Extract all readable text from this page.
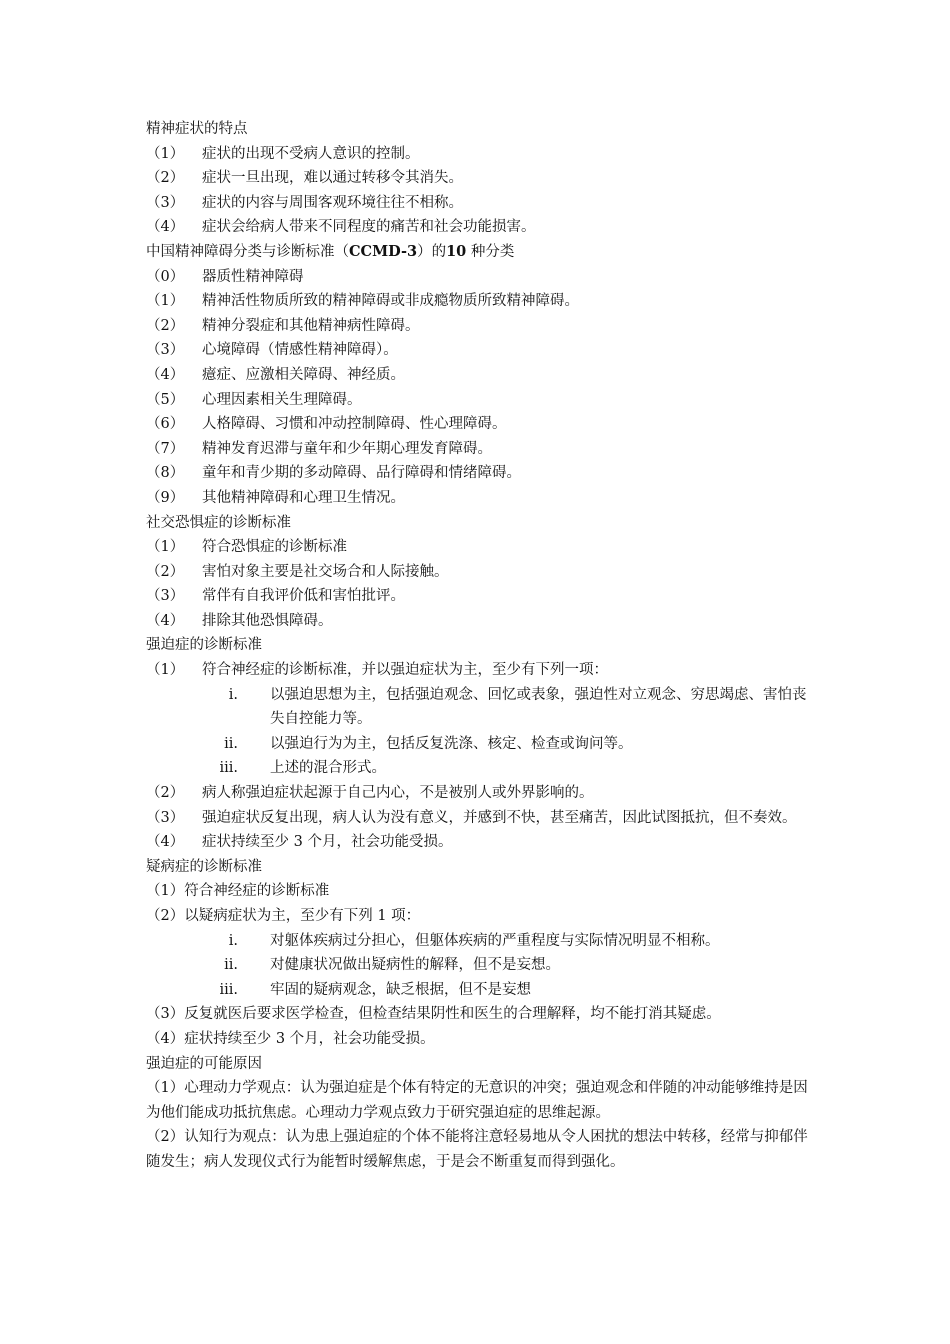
精神症状的特点
（1）	症状的出现不受病人意识的控制。
（2）	症状一旦出现，难以通过转移令其消失。
（3）	症状的内容与周围客观环境往往不相称。
（4）	症状会给病人带来不同程度的痛苦和社会功能损害。
中国精神障碍分类与诊断标准（CCMD-3）的10 种分类
（0）	器质性精神障碍
（1）	精神活性物质所致的精神障碍或非成瘾物质所致精神障碍。
（2）	精神分裂症和其他精神病性障碍。
（3）	心境障碍（情感性精神障碍）。
（4）	癔症、应激相关障碍、神经质。
（5）	心理因素相关生理障碍。
（6）	人格障碍、习惯和冲动控制障碍、性心理障碍。
（7）	精神发育迟滞与童年和少年期心理发育障碍。
（8）	童年和青少期的多动障碍、品行障碍和情绪障碍。
（9）	其他精神障碍和心理卫生情况。
社交恐惧症的诊断标准
（1）	符合恐惧症的诊断标准
（2）	害怕对象主要是社交场合和人际接触。
（3）	常伴有自我评价低和害怕批评。
（4）	排除其他恐惧障碍。
强迫症的诊断标准
（1）	符合神经症的诊断标准，并以强迫症状为主，至少有下列一项：
i.	以强迫思想为主，包括强迫观念、回忆或表象，强迫性对立观念、穷思竭虑、害怕丧失自控能力等。
ii.	以强迫行为为主，包括反复洗涤、核定、检查或询问等。
iii.	上述的混合形式。
（2）	病人称强迫症状起源于自己内心，不是被别人或外界影响的。
（3）	强迫症状反复出现，病人认为没有意义，并感到不快，甚至痛苦，因此试图抵抗，但不奏效。
（4）	症状持续至少 3 个月，社会功能受损。
疑病症的诊断标准
（1）符合神经症的诊断标准
（2）以疑病症状为主，至少有下列 1 项：
i.	对躯体疾病过分担心，但躯体疾病的严重程度与实际情况明显不相称。
ii.	对健康状况做出疑病性的解释，但不是妄想。
iii.	牢固的疑病观念，缺乏根据，但不是妄想
（3）反复就医后要求医学检查，但检查结果阴性和医生的合理解释，均不能打消其疑虑。
（4）症状持续至少 3 个月，社会功能受损。
强迫症的可能原因
（1）心理动力学观点：认为强迫症是个体有特定的无意识的冲突；强迫观念和伴随的冲动能够维持是因为他们能成功抵抗焦虑。心理动力学观点致力于研究强迫症的思维起源。
（2）认知行为观点：认为患上强迫症的个体不能将注意轻易地从令人困扰的想法中转移，经常与抑郁伴随发生；病人发现仪式行为能暂时缓解焦虑，于是会不断重复而得到强化。
